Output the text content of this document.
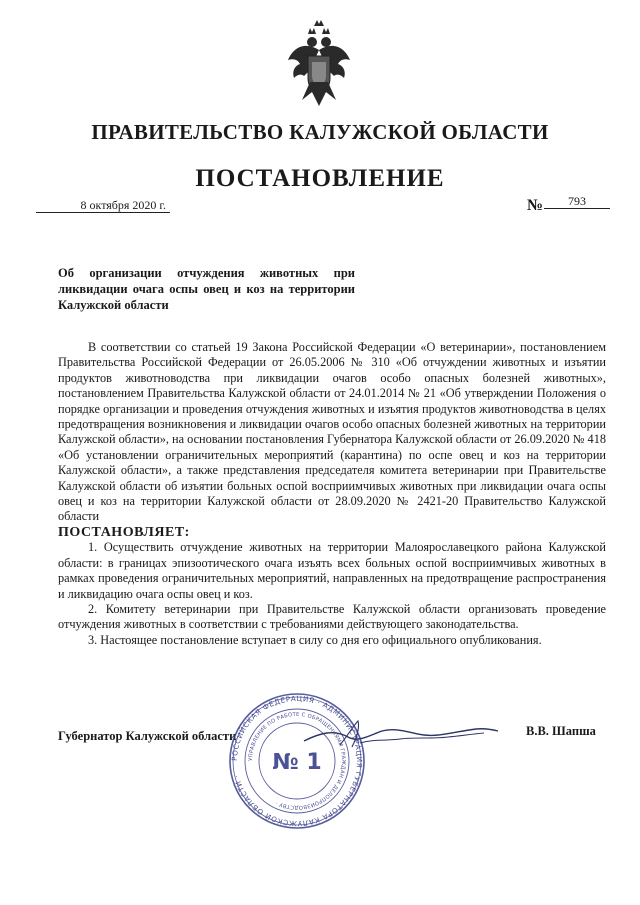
ПРАВИТЕЛЬСТВО КАЛУЖСКОЙ ОБЛАСТИ
ПОСТАНОВЛЕНИЕ
8 октября 2020 г.	№	793
Об организации отчуждения животных при ликвидации очага оспы овец и коз на территории Калужской области

В соответствии со статьей 19 Закона Российской Федерации «О ветеринарии», постановлением Правительства Российской Федерации от 26.05.2006 № 310 «Об отчуждении животных и изъятии продуктов животноводства при ликвидации очагов особо опасных болезней животных», постановлением Правительства Калужской области от 24.01.2014 № 21 «Об утверждении Положения о порядке организации и проведения отчуждения животных и изъятия продуктов животноводства в целях предотвращения возникновения и ликвидации очагов особо опасных болезней животных на территории Калужской области», на основании постановления Губернатора Калужской области от 26.09.2020 № 418 «Об установлении ограничительных мероприятий (карантина) по оспе овец и коз на территории Калужской области», а также представления председателя комитета ветеринарии при Правительстве Калужской области об изъятии больных оспой восприимчивых животных при ликвидации очага оспы овец и коз на территории Калужской области от 28.09.2020 № 2421-20 Правительство Калужской области

ПОСТАНОВЛЯЕТ:

1. Осуществить отчуждение животных на территории Малоярославецкого района Калужской области: в границах эпизоотического очага изъять всех больных оспой восприимчивых животных в рамках проведения ограничительных мероприятий, направленных на предотвращение распространения и ликвидацию очага оспы овец и коз.

2. Комитету ветеринарии при Правительстве Калужской области организовать проведение отчуждения животных в соответствии с требованиями действующего законодательства.

3. Настоящее постановление вступает в силу со дня его официального опубликования.

Губернатор Калужской области
РОССИЙСКАЯ ФЕДЕРАЦИЯ · АДМИНИСТРАЦИЯ ГУБЕРНАТОРА КАЛУЖСКОЙ ОБЛАСТИ ·
УПРАВЛЕНИЕ ПО РАБОТЕ С ОБРАЩЕНИЯМИ ГРАЖДАН И ДЕЛОПРОИЗВОДСТВУ ·
№ 1
В.В. Шапша
